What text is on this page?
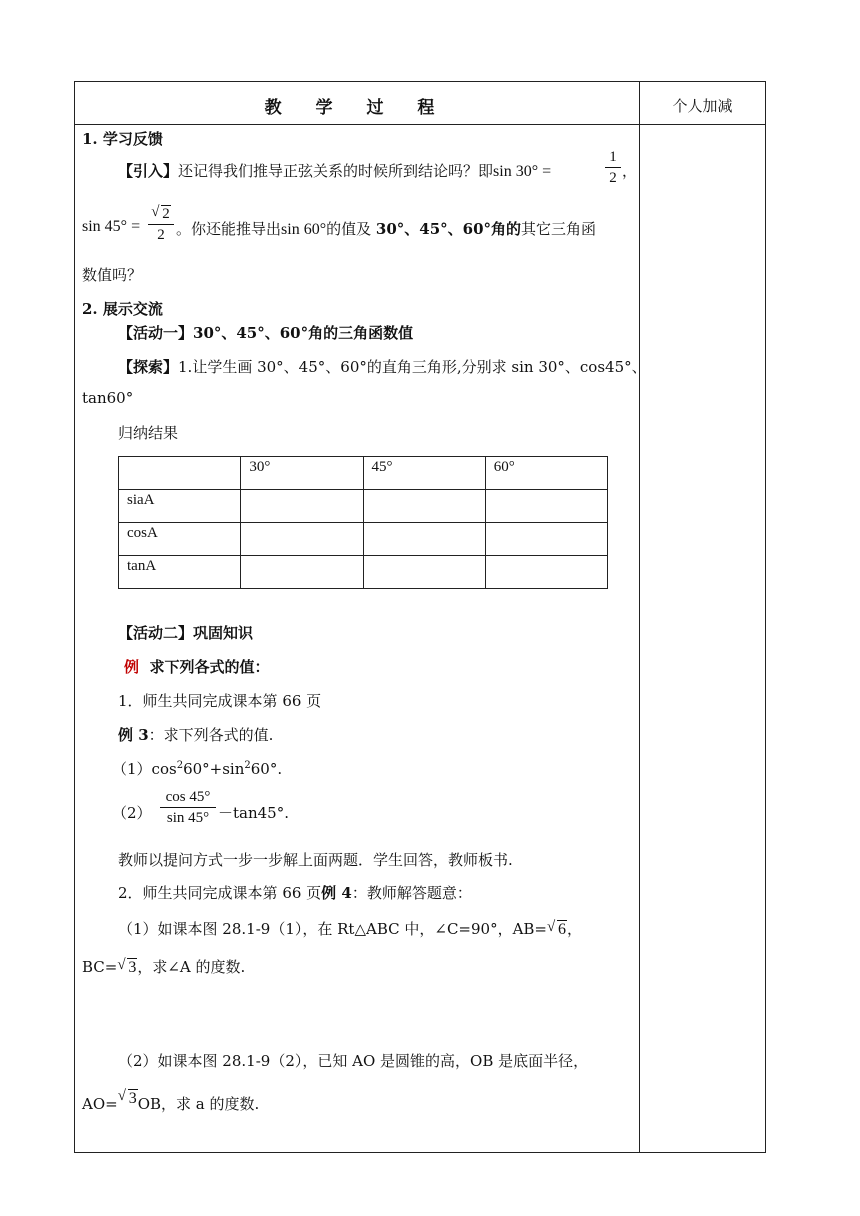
教 学 过 程	个人加减
1. 学习反馈
【引入】还记得我们推导正弦关系的时候所到结论吗？即sin 30° =
1
2 ，
sin 45° =
√ 2
2 。你还能推导出sin 60°的值及 30°、45°、60°角的其它三角函
数值吗？
2. 展示交流
【活动一】30°、45°、60°角的三角函数值
【探索】1.让学生画 30°、45°、60°的直角三角形,分别求 sin 30°、cos45°、
tan60°
归纳结果
	30°	45°	60°
siaA			
cosA			
tanA			
【活动二】巩固知识
例 求下列各式的值：
1．师生共同完成课本第 66 页
例 3：求下列各式的值.
$(1)\cos^260^\circ+\sin^260^\circ$.
（2）
cos 45°
sin 45° －tan45°.
教师以提问方式一步一步解上面两题．学生回答，教师板书.
2．师生共同完成课本第 66 页例 4：教师解答题意：
（1）如课本图 28.1-9（1），在 Rt△ABC 中，∠C=90°，AB= √ 6，
BC= √ 3，求∠A 的度数.
（2）如课本图 28.1-9（2），已知 AO 是圆锥的高，OB 是底面半径，
AO= √ 3OB，求 a 的度数.
